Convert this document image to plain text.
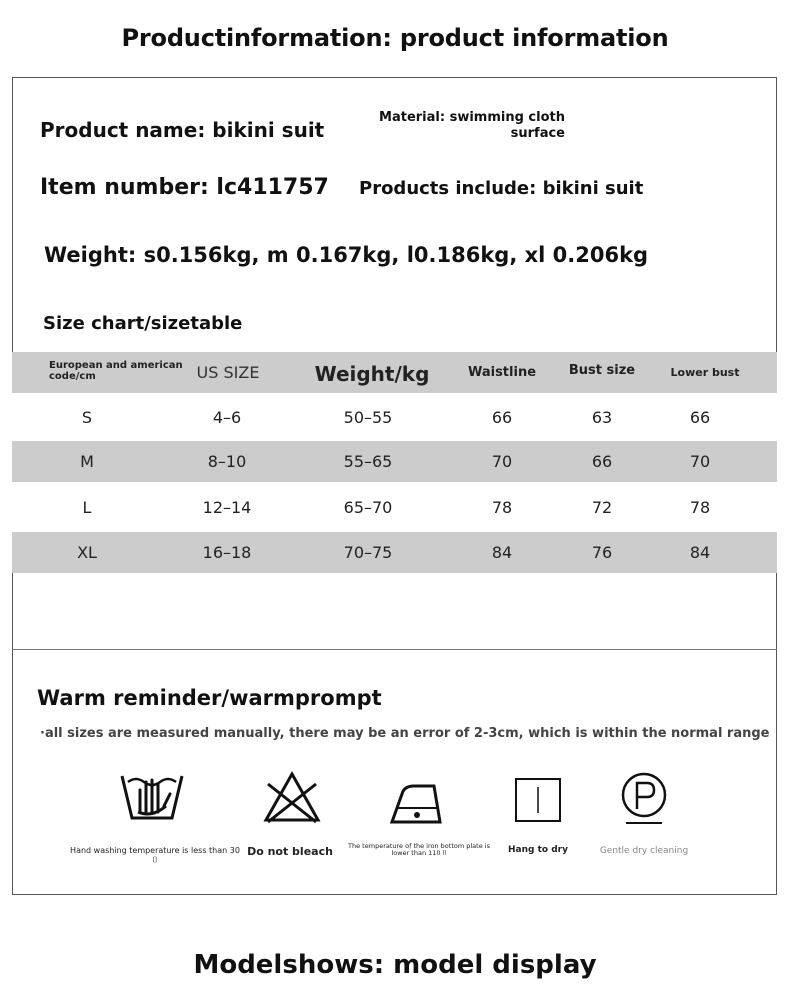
Productinformation: product information
Product name: bikini suit
Material: swimming cloth
surface
Item number: lc411757 Products include: bikini suit
Weight: s0.156kg, m 0.167kg, l0.186kg, xl 0.206kg
Size chart/sizetable
European and american code/cm	US SIZE	Weight/kg	Waistline	Bust size	Lower bust
S	4–6	50–55	66	63	66
M	8–10	55–65	70	66	70
L	12–14	65–70	78	72	78
XL	16–18	70–75	84	76	84
Warm reminder/warmprompt
·all sizes are measured manually, there may be an error of 2-3cm, which is within the normal range
Hand washing temperature is less than 30 ⌷
Do not bleach	The temperature of the iron bottom plate is
lower than 110 ⌷	Hang to dry	Gentle dry cleaning
Modelshows: model display
